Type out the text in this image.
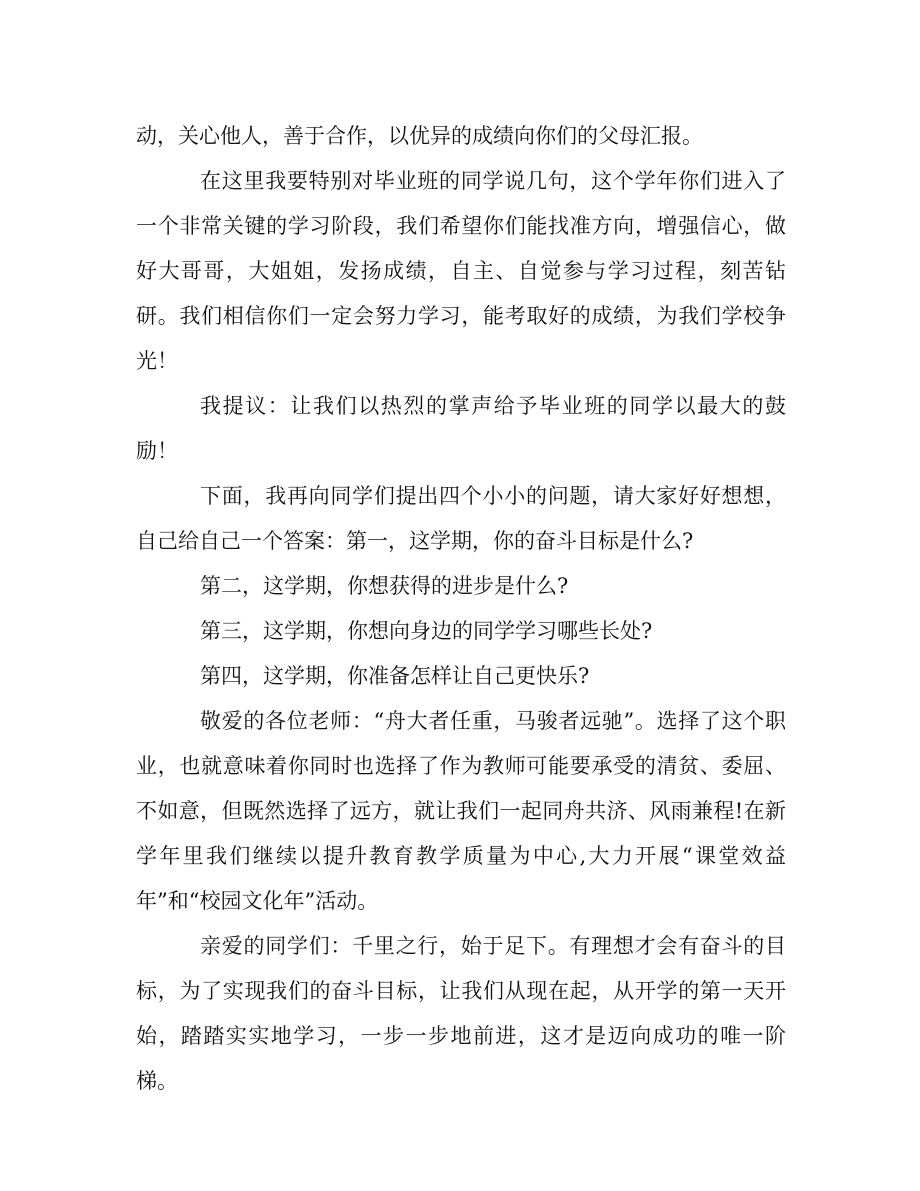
动，关心他人，善于合作，以优异的成绩向你们的父母汇报。

在这里我要特别对毕业班的同学说几句，这个学年你们进入了一个非常关键的学习阶段，我们希望你们能找准方向，增强信心，做好大哥哥，大姐姐，发扬成绩，自主、自觉参与学习过程，刻苦钻研。我们相信你们一定会努力学习，能考取好的成绩，为我们学校争光！

我提议：让我们以热烈的掌声给予毕业班的同学以最大的鼓励！

下面，我再向同学们提出四个小小的问题，请大家好好想想，自己给自己一个答案：第一，这学期，你的奋斗目标是什么?

第二，这学期，你想获得的进步是什么?

第三，这学期，你想向身边的同学学习哪些长处?

第四，这学期，你准备怎样让自己更快乐?

敬爱的各位老师：“舟大者任重，马骏者远驰”。选择了这个职业，也就意味着你同时也选择了作为教师可能要承受的清贫、委屈、不如意，但既然选择了远方，就让我们一起同舟共济、风雨兼程!在新学年里我们继续以提升教育教学质量为中心,大力开展“课堂效益年”和“校园文化年”活动。

亲爱的同学们：千里之行，始于足下。有理想才会有奋斗的目标，为了实现我们的奋斗目标，让我们从现在起，从开学的第一天开始，踏踏实实地学习，一步一步地前进，这才是迈向成功的唯一阶梯。
